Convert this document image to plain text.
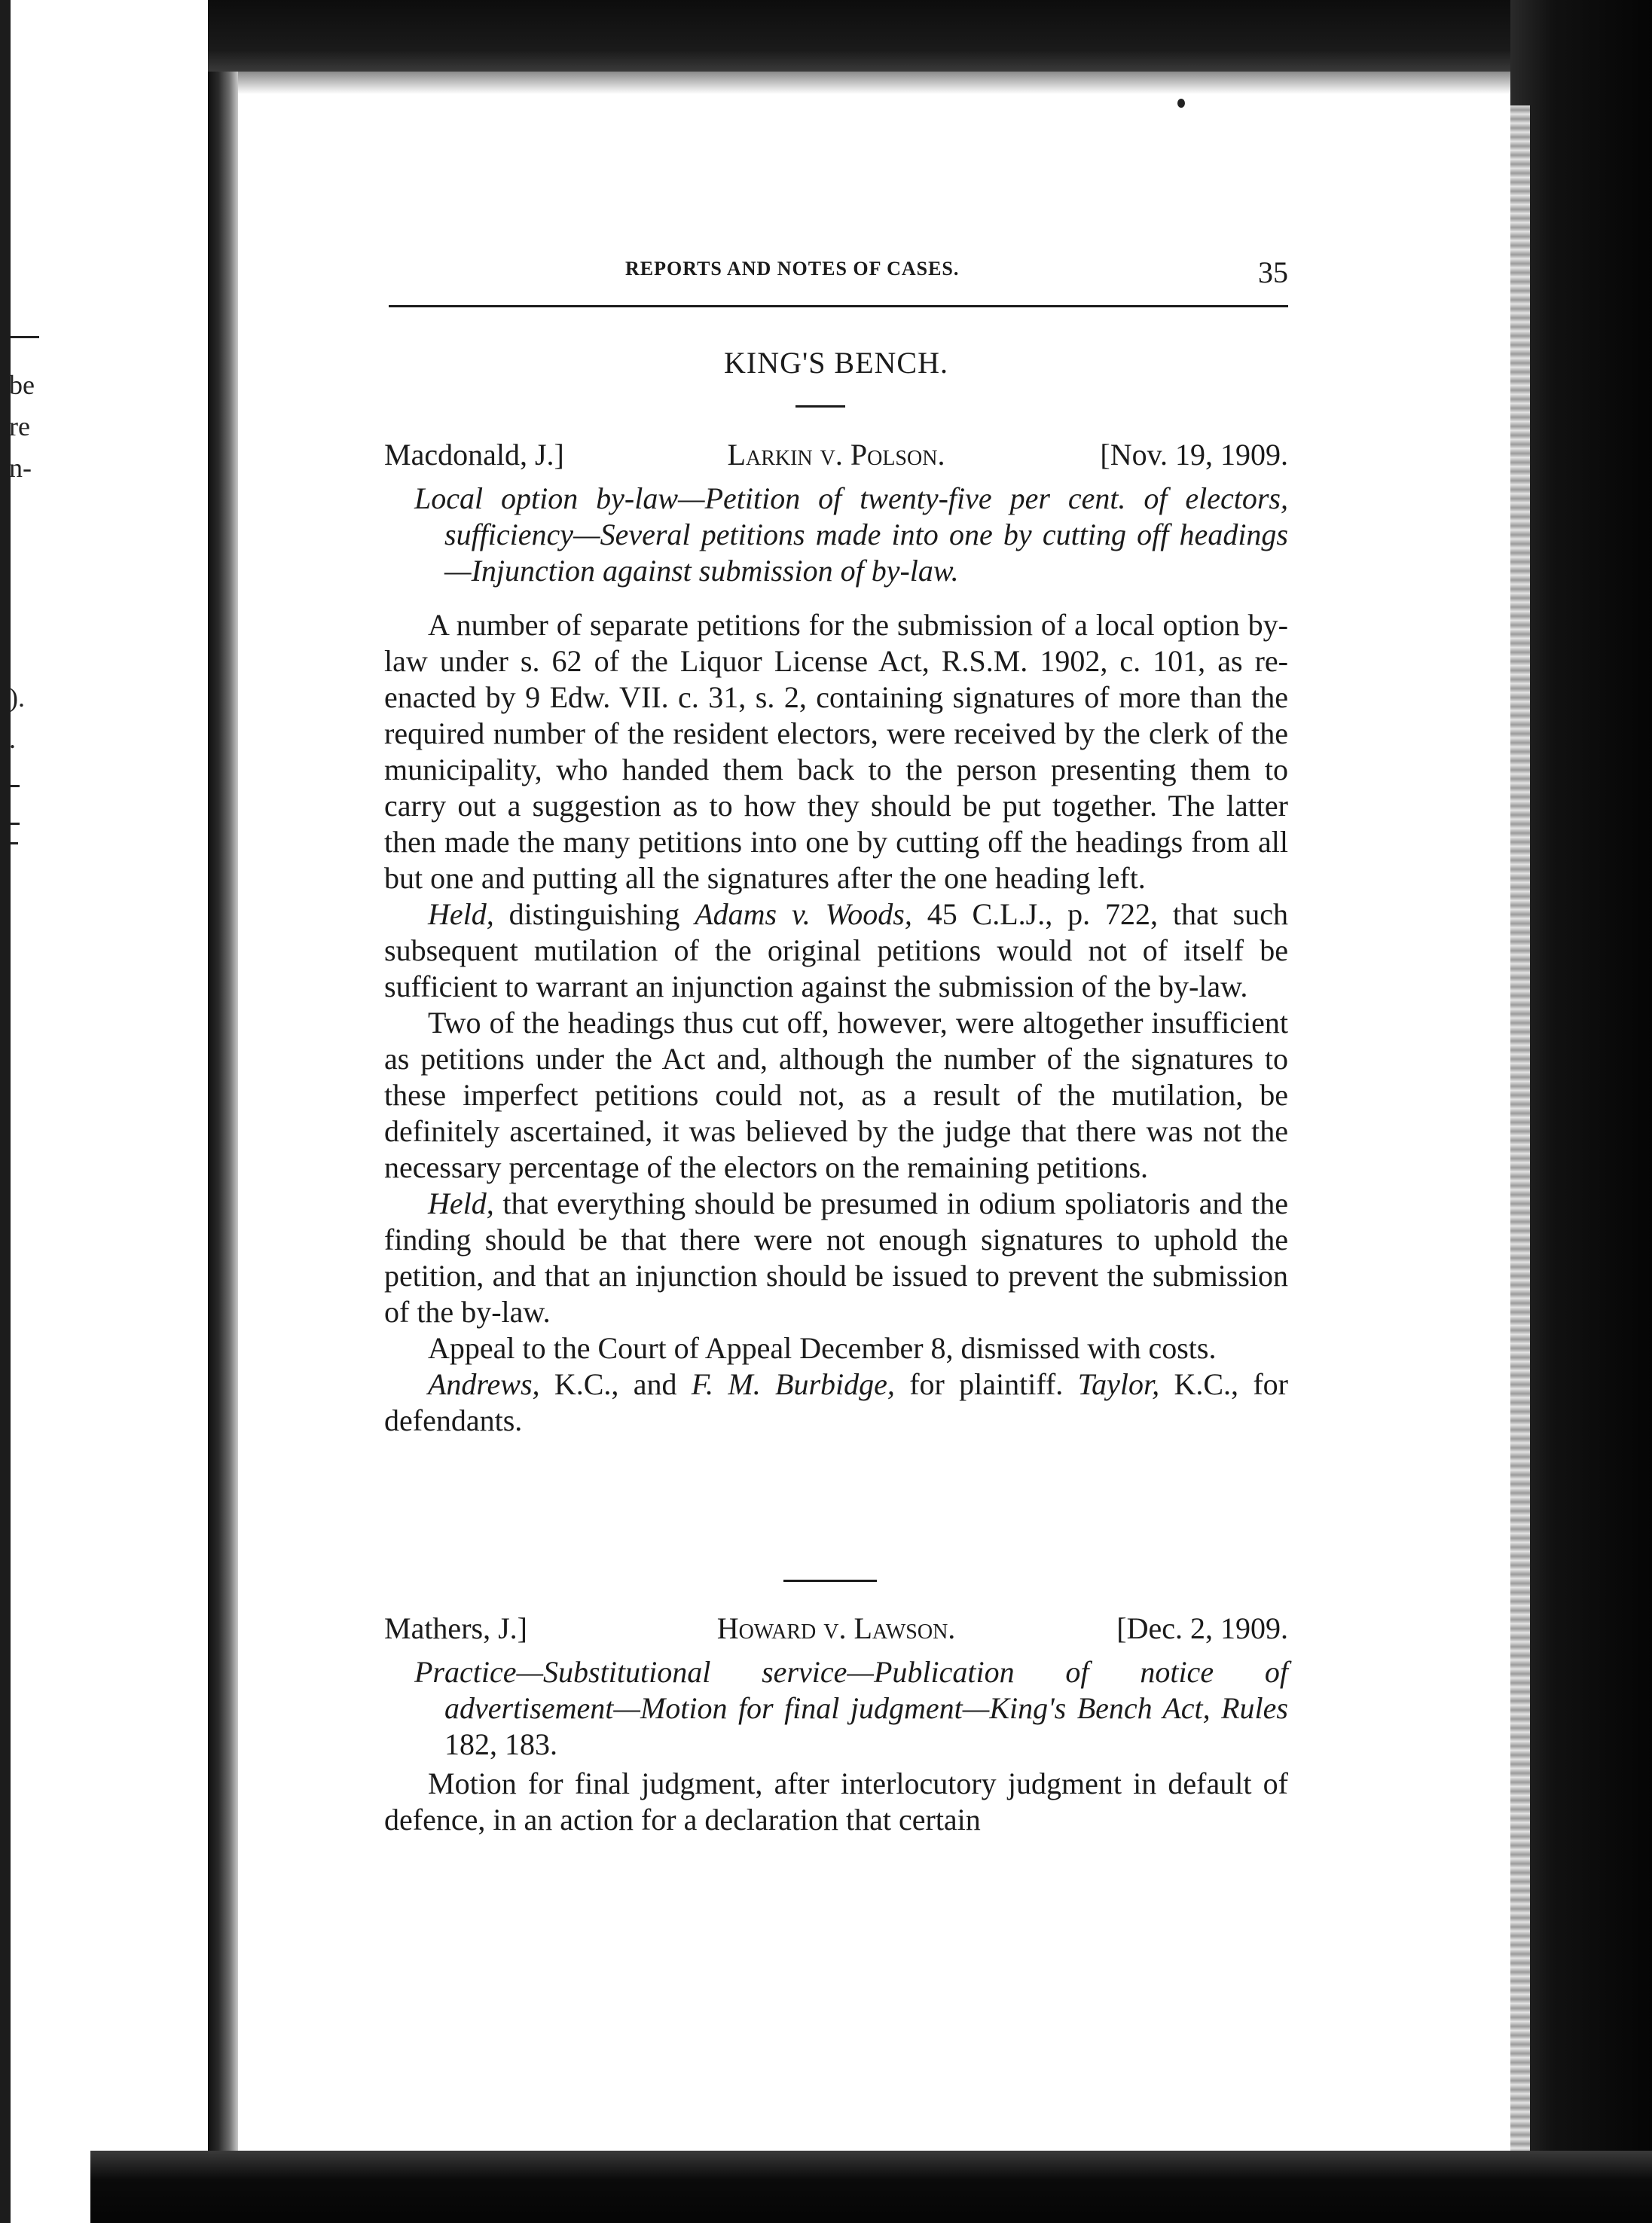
be
re
n-
).
.
REPORTS AND NOTES OF CASES.	35
KING'S BENCH.
Macdonald, J.]	Larkin v. Polson.	[Nov. 19, 1909.

Local option by-law—Petition of twenty-five per cent. of electors, sufficiency—Several petitions made into one by cutting off headings—Injunction against submission of by-law.

A number of separate petitions for the submission of a local option by-law under s. 62 of the Liquor License Act, R.S.M. 1902, c. 101, as re-enacted by 9 Edw. VII. c. 31, s. 2, containing signatures of more than the required number of the resident electors, were received by the clerk of the municipality, who handed them back to the person presenting them to carry out a suggestion as to how they should be put together. The latter then made the many petitions into one by cutting off the headings from all but one and putting all the signatures after the one heading left.

Held, distinguishing Adams v. Woods, 45 C.L.J., p. 722, that such subsequent mutilation of the original petitions would not of itself be sufficient to warrant an injunction against the submission of the by-law.

Two of the headings thus cut off, however, were altogether insufficient as petitions under the Act and, although the number of the signatures to these imperfect petitions could not, as a result of the mutilation, be definitely ascertained, it was believed by the judge that there was not the necessary percentage of the electors on the remaining petitions.

Held, that everything should be presumed in odium spoliatoris and the finding should be that there were not enough signatures to uphold the petition, and that an injunction should be issued to prevent the submission of the by-law.

Appeal to the Court of Appeal December 8, dismissed with costs.

Andrews, K.C., and F. M. Burbidge, for plaintiff. Taylor, K.C., for defendants.

Mathers, J.]	Howard v. Lawson.	[Dec. 2, 1909.

Practice—Substitutional service—Publication of notice of advertisement—Motion for final judgment—King's Bench Act, Rules 182, 183.

Motion for final judgment, after interlocutory judgment in default of defence, in an action for a declaration that certain
